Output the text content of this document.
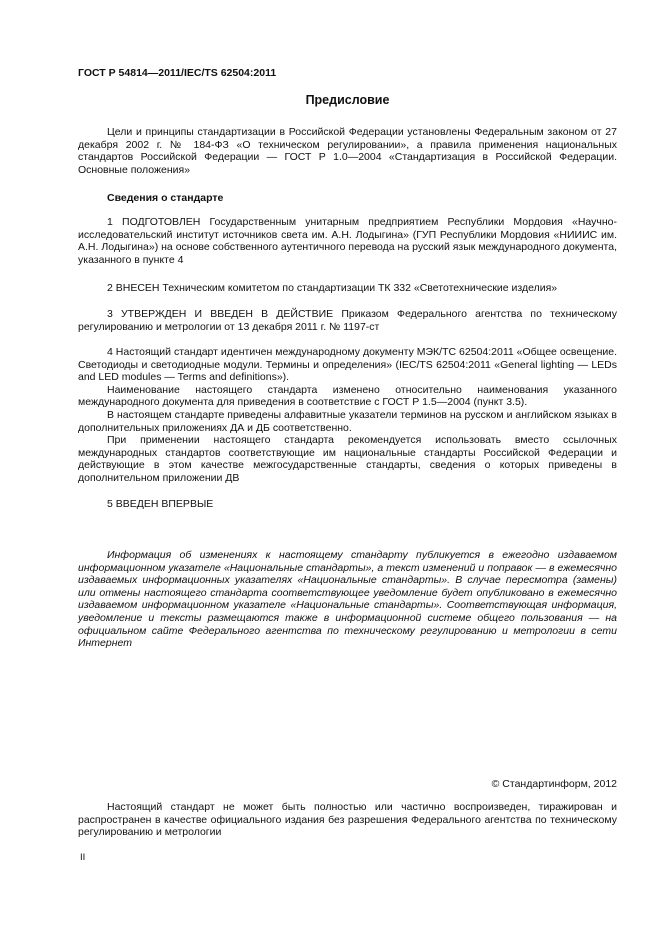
ГОСТ Р 54814—2011/IEC/TS 62504:2011
Предисловие

Цели и принципы стандартизации в Российской Федерации установлены Федеральным законом от 27 декабря 2002 г. № 184-ФЗ «О техническом регулировании», а правила применения национальных стандартов Российской Федерации — ГОСТ Р 1.0—2004 «Стандартизация в Российской Федерации. Основные положения»

Сведения о стандарте

1 ПОДГОТОВЛЕН Государственным унитарным предприятием Республики Мордовия «Научно-исследовательский институт источников света им. А.Н. Лодыгина» (ГУП Республики Мордовия «НИИИС им. А.Н. Лодыгина») на основе собственного аутентичного перевода на русский язык международного документа, указанного в пункте 4

2 ВНЕСЕН Техническим комитетом по стандартизации ТК 332 «Светотехнические изделия»

3 УТВЕРЖДЕН И ВВЕДЕН В ДЕЙСТВИЕ Приказом Федерального агентства по техническому регулированию и метрологии от 13 декабря 2011 г. № 1197-ст

4 Настоящий стандарт идентичен международному документу МЭК/ТС 62504:2011 «Общее освещение. Светодиоды и светодиодные модули. Термины и определения» (IEC/TS 62504:2011 «General lighting — LEDs and LED modules — Terms and definitions»).

Наименование настоящего стандарта изменено относительно наименования указанного международного документа для приведения в соответствие с ГОСТ Р 1.5—2004 (пункт 3.5).

В настоящем стандарте приведены алфавитные указатели терминов на русском и английском языках в дополнительных приложениях ДА и ДБ соответственно.

При применении настоящего стандарта рекомендуется использовать вместо ссылочных международных стандартов соответствующие им национальные стандарты Российской Федерации и действующие в этом качестве межгосударственные стандарты, сведения о которых приведены в дополнительном приложении ДВ

5 ВВЕДЕН ВПЕРВЫЕ

Информация об изменениях к настоящему стандарту публикуется в ежегодно издаваемом информационном указателе «Национальные стандарты», а текст изменений и поправок — в ежемесячно издаваемых информационных указателях «Национальные стандарты». В случае пересмотра (замены) или отмены настоящего стандарта соответствующее уведомление будет опубликовано в ежемесячно издаваемом информационном указателе «Национальные стандарты». Соответствующая информация, уведомление и тексты размещаются также в информационной системе общего пользования — на официальном сайте Федерального агентства по техническому регулированию и метрологии в сети Интернет

© Стандартинформ, 2012

Настоящий стандарт не может быть полностью или частично воспроизведен, тиражирован и распространен в качестве официального издания без разрешения Федерального агентства по техническому регулированию и метрологии

II
